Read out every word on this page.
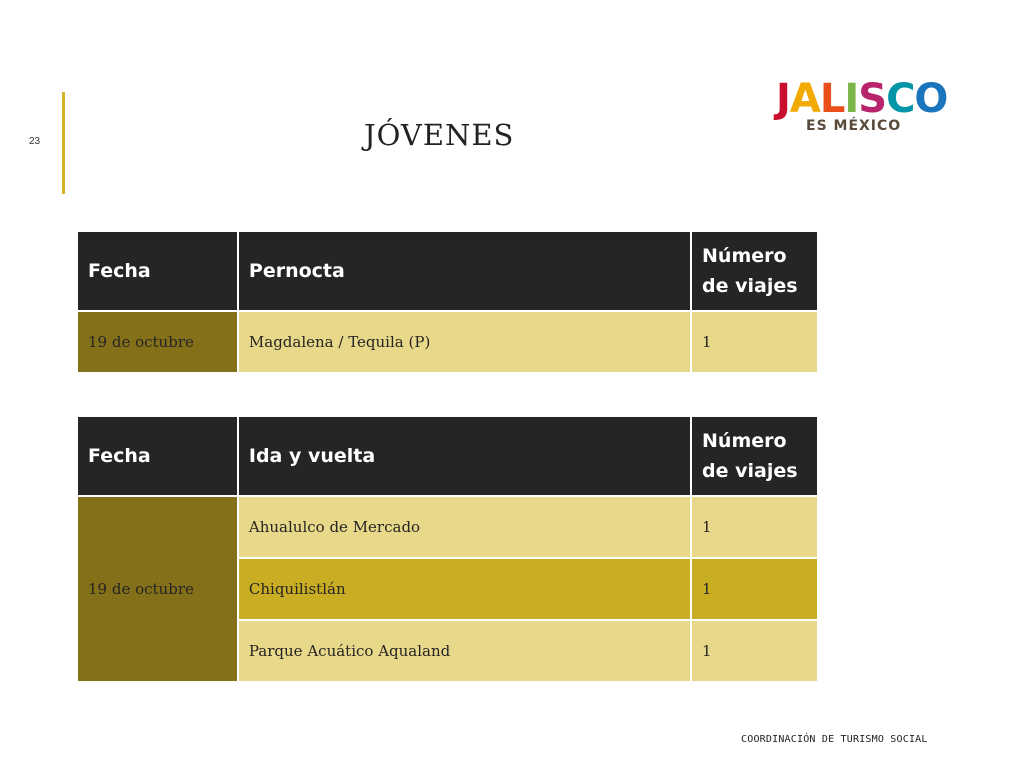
23	JÓVENES
JALISCO
ES MÉXICO
Fecha	Pernocta	Número de viajes
19 de octubre	Magdalena / Tequila (P)	1
Fecha	Ida y vuelta	Número de viajes
19 de octubre	Ahualulco de Mercado	1
	Chiquilistlán	1
	Parque Acuático Aqualand	1
COORDINACIÓN DE TURISMO SOCIAL
